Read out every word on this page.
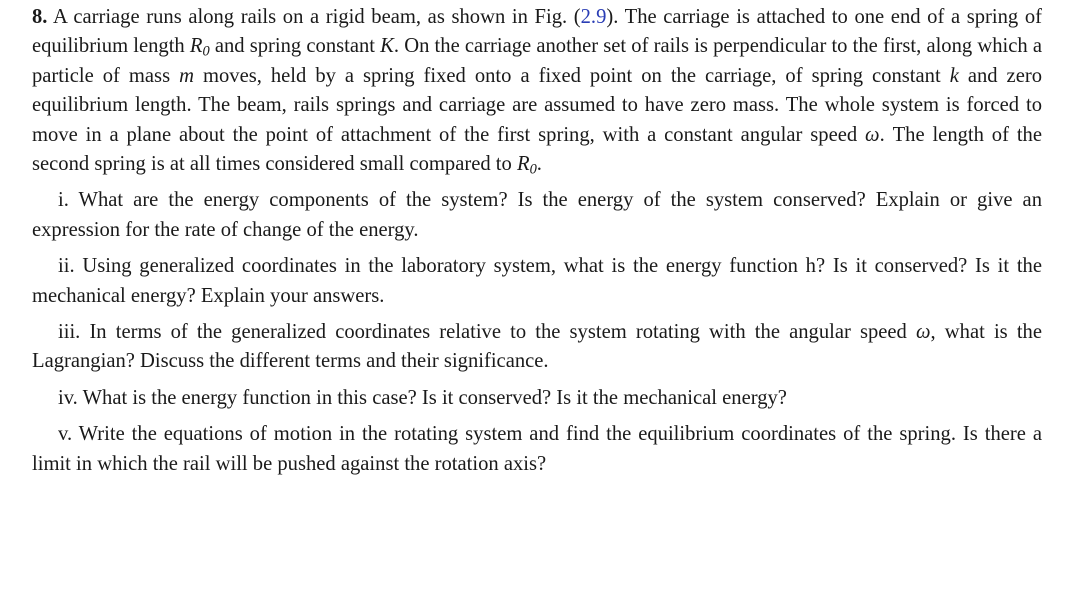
8. A carriage runs along rails on a rigid beam, as shown in Fig. (2.9). The carriage is attached to one end of a spring of equilibrium length $R_0$ and spring constant K. On the carriage another set of rails is perpendicular to the first, along which a particle of mass m moves, held by a spring fixed onto a fixed point on the carriage, of spring constant k and zero equilibrium length. The beam, rails springs and carriage are assumed to have zero mass. The whole system is forced to move in a plane about the point of attachment of the first spring, with a constant angular speed ω. The length of the second spring is at all times considered small compared to $R_0$.

i. What are the energy components of the system? Is the energy of the system conserved? Explain or give an expression for the rate of change of the energy.

ii. Using generalized coordinates in the laboratory system, what is the energy function h? Is it conserved? Is it the mechanical energy? Explain your answers.

iii. In terms of the generalized coordinates relative to the system rotating with the angular speed ω, what is the Lagrangian? Discuss the different terms and their significance.

iv. What is the energy function in this case? Is it conserved? Is it the mechanical energy?

v. Write the equations of motion in the rotating system and find the equilibrium coordinates of the spring. Is there a limit in which the rail will be pushed against the rotation axis?
